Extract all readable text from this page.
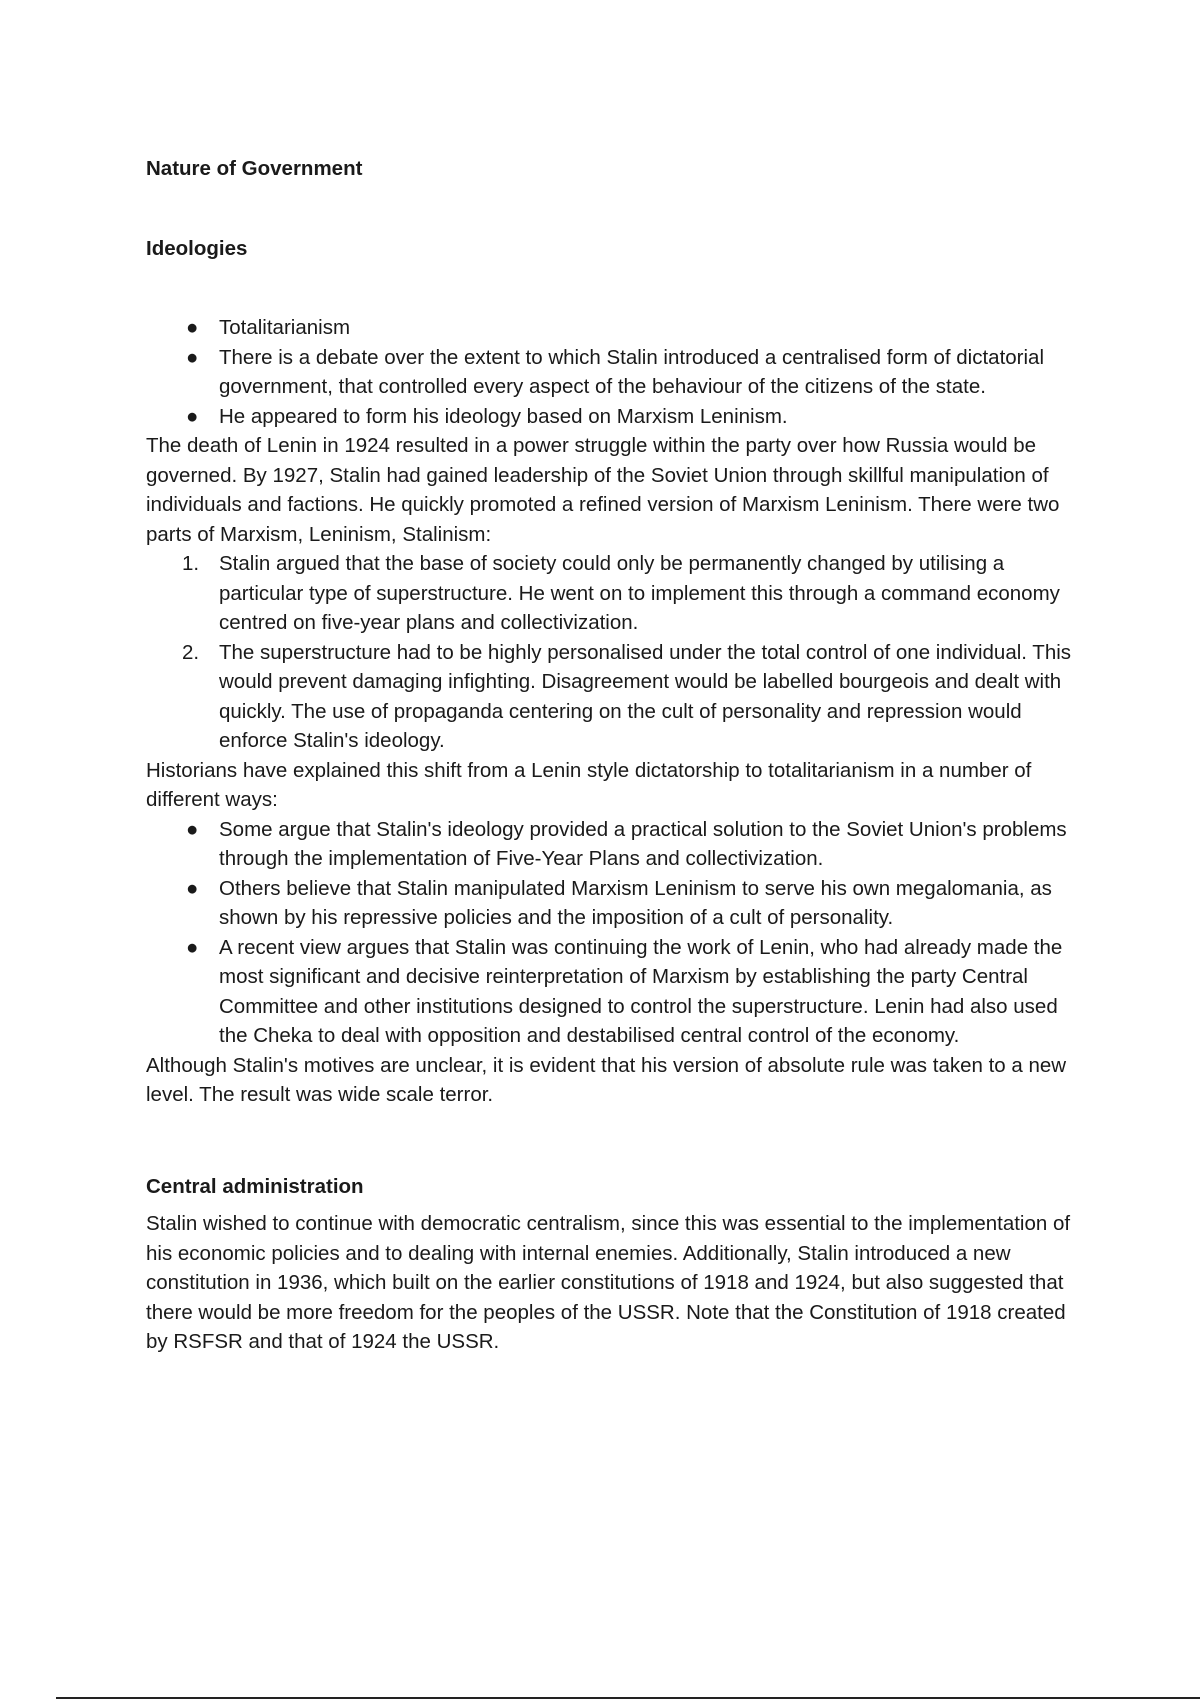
Nature of Government
Ideologies
● Totalitarianism
● There is a debate over the extent to which Stalin introduced a centralised form of dictatorial government, that controlled every aspect of the behaviour of the citizens of the state.
● He appeared to form his ideology based on Marxism Leninism.

The death of Lenin in 1924 resulted in a power struggle within the party over how Russia would be governed. By 1927, Stalin had gained leadership of the Soviet Union through skillful manipulation of individuals and factions. He quickly promoted a refined version of Marxism Leninism. There were two parts of Marxism, Leninism, Stalinism:

1. Stalin argued that the base of society could only be permanently changed by utilising a particular type of superstructure. He went on to implement this through a command economy centred on five-year plans and collectivization.
2. The superstructure had to be highly personalised under the total control of one individual. This would prevent damaging infighting. Disagreement would be labelled bourgeois and dealt with quickly. The use of propaganda centering on the cult of personality and repression would enforce Stalin's ideology.

Historians have explained this shift from a Lenin style dictatorship to totalitarianism in a number of different ways:

● Some argue that Stalin's ideology provided a practical solution to the Soviet Union's problems through the implementation of Five-Year Plans and collectivization.
● Others believe that Stalin manipulated Marxism Leninism to serve his own megalomania, as shown by his repressive policies and the imposition of a cult of personality.
● A recent view argues that Stalin was continuing the work of Lenin, who had already made the most significant and decisive reinterpretation of Marxism by establishing the party Central Committee and other institutions designed to control the superstructure. Lenin had also used the Cheka to deal with opposition and destabilised central control of the economy.

Although Stalin's motives are unclear, it is evident that his version of absolute rule was taken to a new level. The result was wide scale terror.

Central administration

Stalin wished to continue with democratic centralism, since this was essential to the implementation of his economic policies and to dealing with internal enemies. Additionally, Stalin introduced a new constitution in 1936, which built on the earlier constitutions of 1918 and 1924, but also suggested that there would be more freedom for the peoples of the USSR. Note that the Constitution of 1918 created by RSFSR and that of 1924 the USSR.
